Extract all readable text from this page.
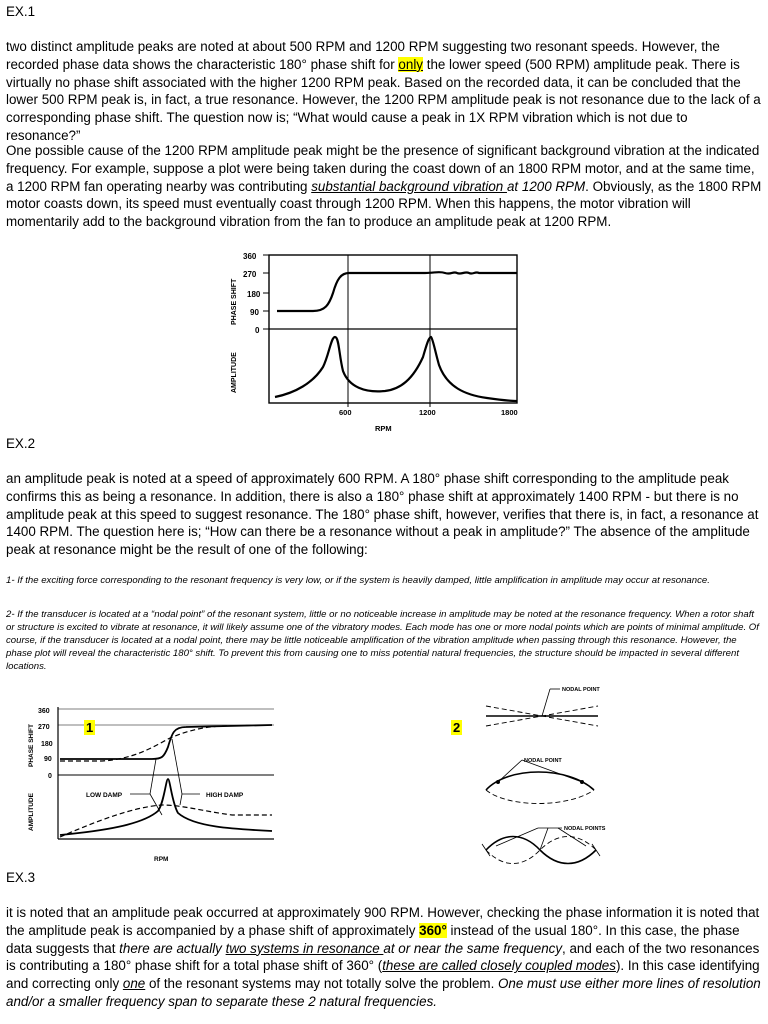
EX.1

two distinct amplitude peaks are noted at about 500 RPM and 1200 RPM suggesting two resonant speeds. However, the recorded phase data shows the characteristic 180° phase shift for only the lower speed (500 RPM) amplitude peak. There is virtually no phase shift associated with the higher 1200 RPM peak. Based on the recorded data, it can be concluded that the lower 500 RPM peak is, in fact, a true resonance. However, the 1200 RPM amplitude peak is not resonance due to the lack of a corresponding phase shift. The question now is; “What would cause a peak in 1X RPM vibration which is not due to resonance?”

One possible cause of the 1200 RPM amplitude peak might be the presence of significant background vibration at the indicated frequency. For example, suppose a plot were being taken during the coast down of an 1800 RPM motor, and at the same time, a 1200 RPM fan operating nearby was contributing substantial background vibration at 1200 RPM. Obviously, as the 1800 RPM motor coasts down, its speed must eventually coast through 1200 RPM. When this happens, the motor vibration will momentarily add to the background vibration from the fan to produce an amplitude peak at 1200 RPM.

PHASE SHIFT
AMPLITUDE
360
270
180
90
0
600	1200	1800
RPM

EX.2

an amplitude peak is noted at a speed of approximately 600 RPM. A 180° phase shift corresponding to the amplitude peak confirms this as being a resonance. In addition, there is also a 180° phase shift at approximately 1400 RPM - but there is no amplitude peak at this speed to suggest resonance. The 180° phase shift, however, verifies that there is, in fact, a resonance at 1400 RPM. The question here is; “How can there be a resonance without a peak in amplitude?” The absence of the amplitude peak at resonance might be the result of one of the following:

1- If the exciting force corresponding to the resonant frequency is very low, or if the system is heavily damped, little amplification in amplitude may occur at resonance.

2- If the transducer is located at a “nodal point” of the resonant system, little or no noticeable increase in amplitude may be noted at the resonance frequency. When a rotor shaft or structure is excited to vibrate at resonance, it will likely assume one of the vibratory modes. Each mode has one or more nodal points which are points of minimal amplitude. Of course, if the transducer is located at a nodal point, there may be little noticeable amplification of the vibration amplitude when passing through this resonance. However, the phase plot will reveal the characteristic 180° shift. To prevent this from causing one to miss potential natural frequencies, the structure should be impacted in several different locations.

PHASE SHIFT
AMPLITUDE
360
270
180
90
0
LOW DAMP	HIGH DAMP
RPM
1	2
NODAL POINT
NODAL POINT
NODAL POINTS

EX.3

it is noted that an amplitude peak occurred at approximately 900 RPM. However, checking the phase information it is noted that the amplitude peak is accompanied by a phase shift of approximately 360° instead of the usual 180°. In this case, the phase data suggests that there are actually two systems in resonance at or near the same frequency, and each of the two resonances is contributing a 180° phase shift for a total phase shift of 360° (these are called closely coupled modes). In this case identifying and correcting only one of the resonant systems may not totally solve the problem. One must use either more lines of resolution and/or a smaller frequency span to separate these 2 natural frequencies.
